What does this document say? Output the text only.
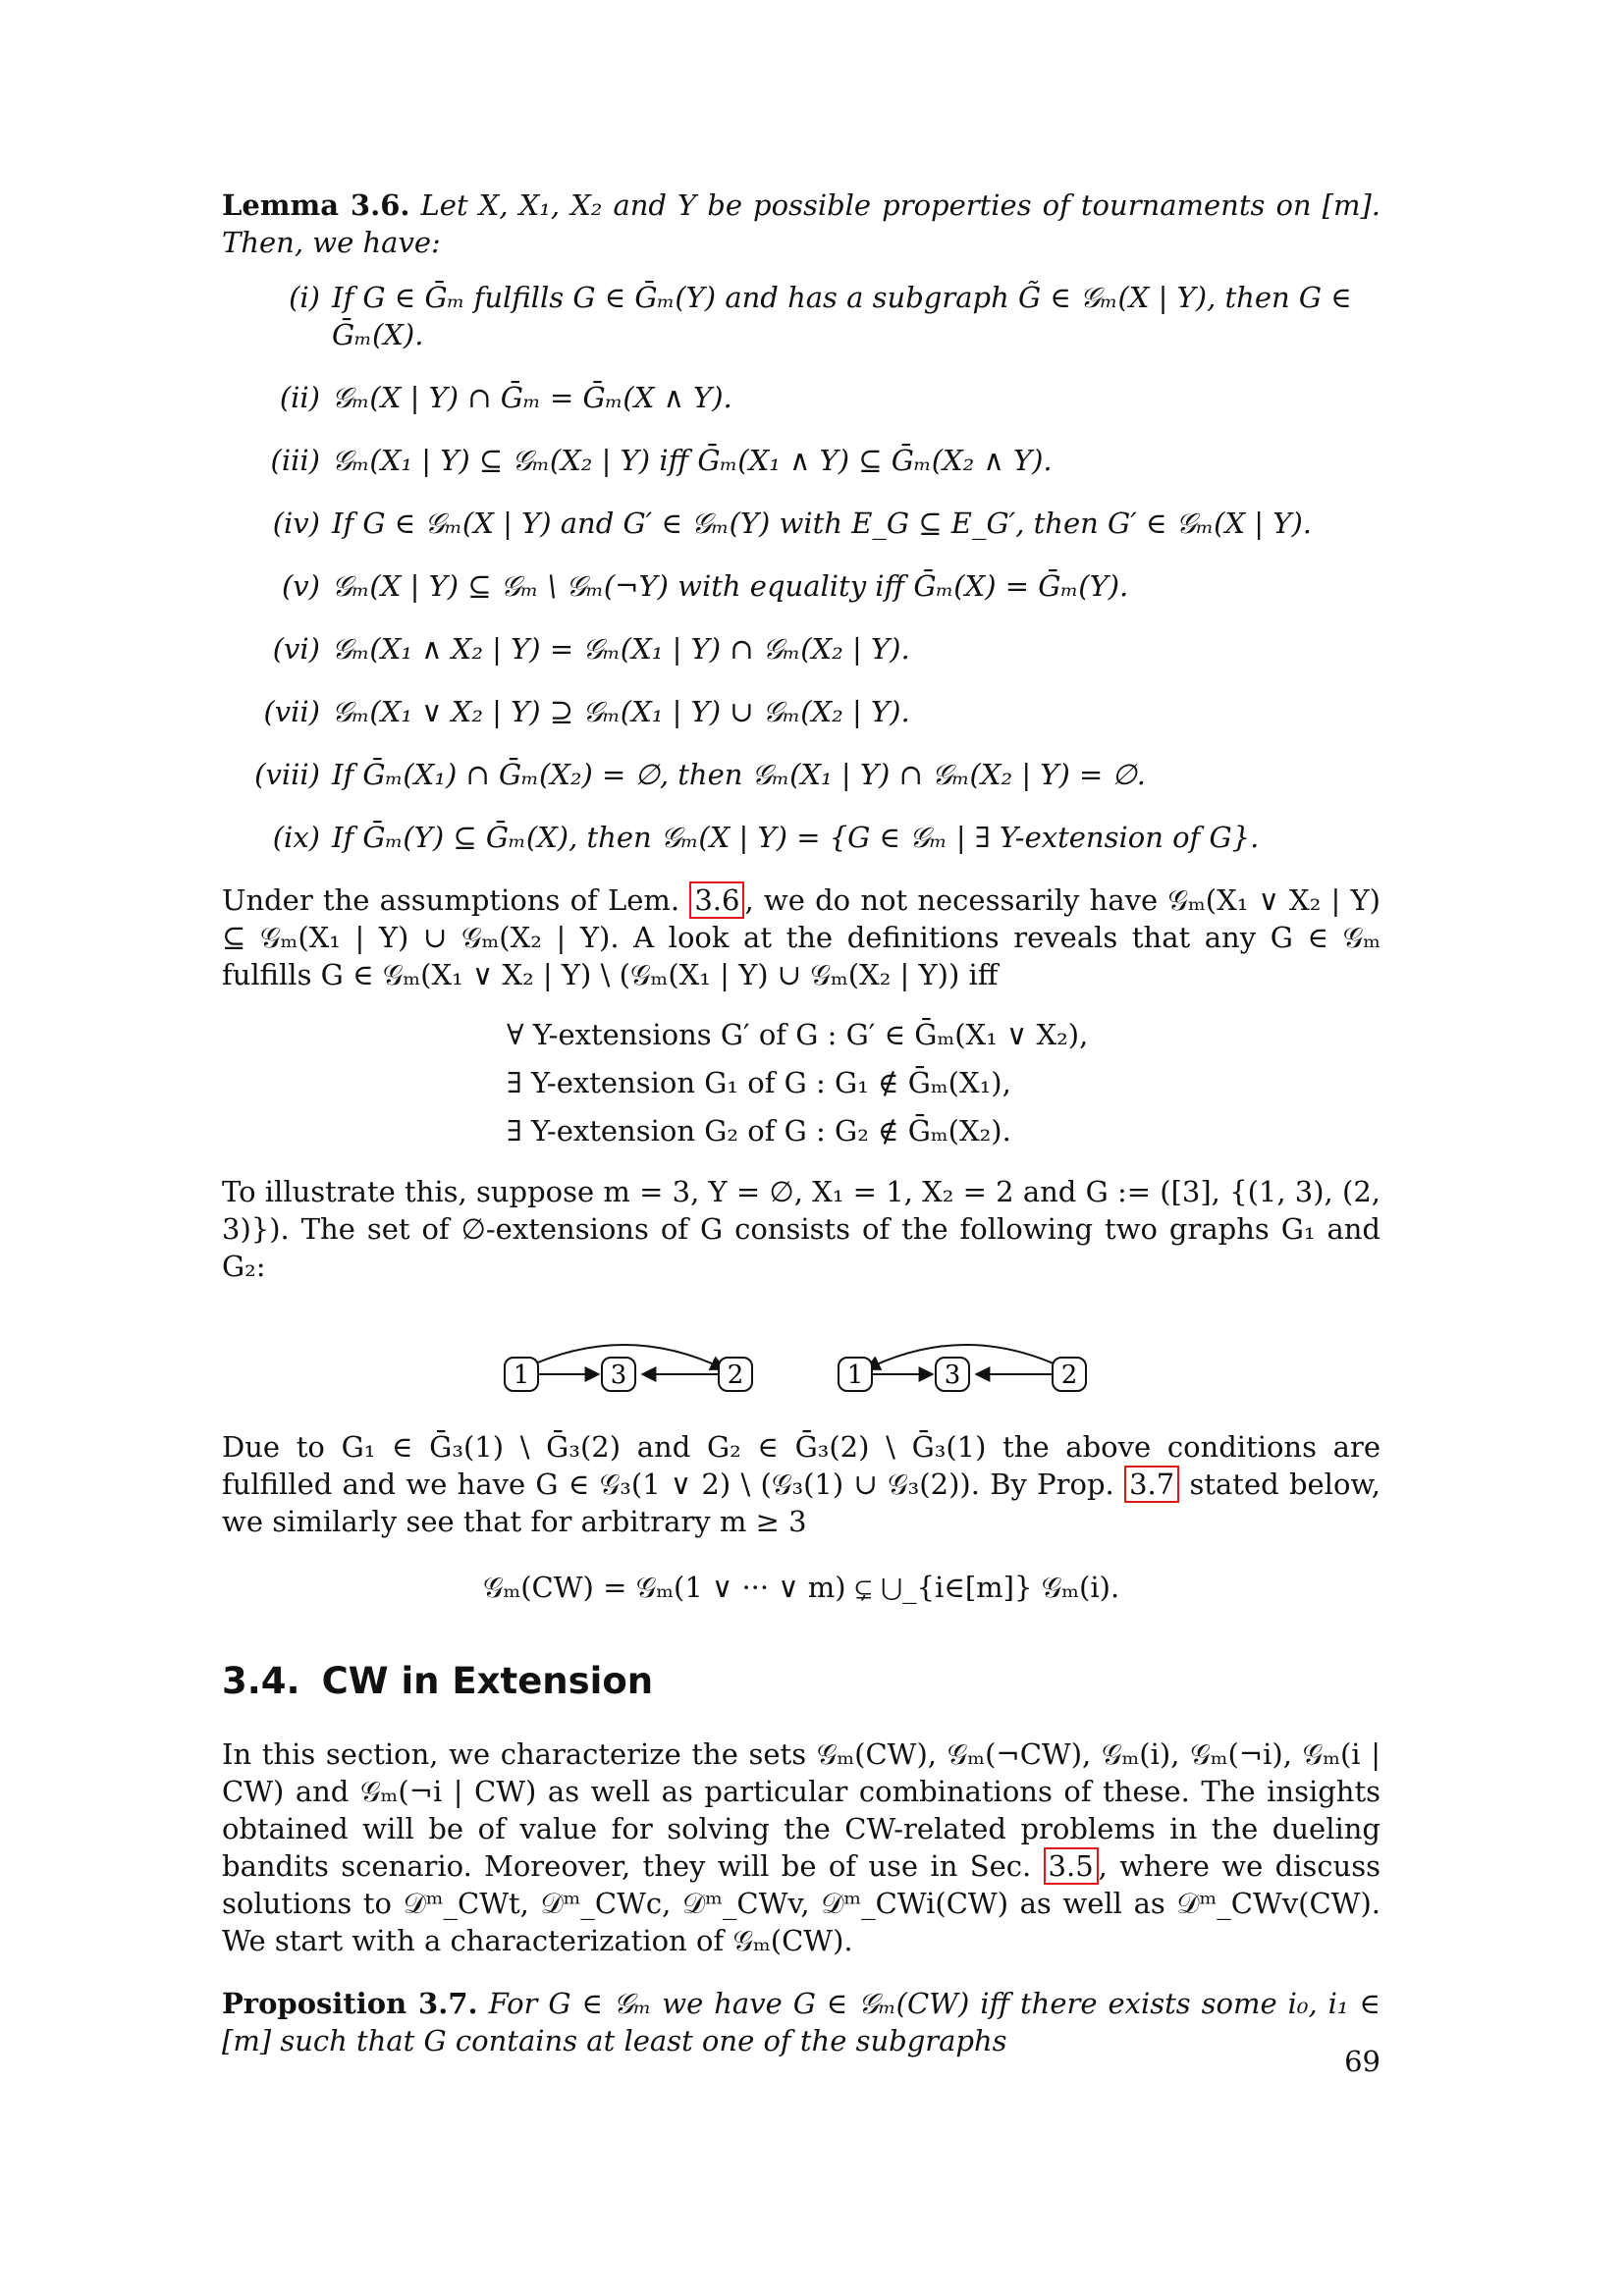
Lemma 3.6. Let X, X₁, X₂ and Y be possible properties of tournaments on [m]. Then, we have:

(i) If G ∈ Ḡₘ fulfills G ∈ Ḡₘ(Y) and has a subgraph G̃ ∈ 𝒢ₘ(X | Y), then G ∈ Ḡₘ(X).
(ii) 𝒢ₘ(X | Y) ∩ Ḡₘ = Ḡₘ(X ∧ Y).
(iii) 𝒢ₘ(X₁ | Y) ⊆ 𝒢ₘ(X₂ | Y) iff Ḡₘ(X₁ ∧ Y) ⊆ Ḡₘ(X₂ ∧ Y).
(iv) If G ∈ 𝒢ₘ(X | Y) and G′ ∈ 𝒢ₘ(Y) with E_G ⊆ E_G′, then G′ ∈ 𝒢ₘ(X | Y).
(v) 𝒢ₘ(X | Y) ⊆ 𝒢ₘ \ 𝒢ₘ(¬Y) with equality iff Ḡₘ(X) = Ḡₘ(Y).
(vi) 𝒢ₘ(X₁ ∧ X₂ | Y) = 𝒢ₘ(X₁ | Y) ∩ 𝒢ₘ(X₂ | Y).
(vii) 𝒢ₘ(X₁ ∨ X₂ | Y) ⊇ 𝒢ₘ(X₁ | Y) ∪ 𝒢ₘ(X₂ | Y).
(viii) If Ḡₘ(X₁) ∩ Ḡₘ(X₂) = ∅, then 𝒢ₘ(X₁ | Y) ∩ 𝒢ₘ(X₂ | Y) = ∅.
(ix) If Ḡₘ(Y) ⊆ Ḡₘ(X), then 𝒢ₘ(X | Y) = {G ∈ 𝒢ₘ | ∃ Y-extension of G}.

Under the assumptions of Lem. 3.6 , we do not necessarily have 𝒢ₘ(X₁ ∨ X₂ | Y) ⊆ 𝒢ₘ(X₁ | Y) ∪ 𝒢ₘ(X₂ | Y). A look at the definitions reveals that any G ∈ 𝒢ₘ fulfills G ∈ 𝒢ₘ(X₁ ∨ X₂ | Y) \ (𝒢ₘ(X₁ | Y) ∪ 𝒢ₘ(X₂ | Y)) iff

∀ Y-extensions G′ of G : G′ ∈ Ḡₘ(X₁ ∨ X₂),
∃ Y-extension G₁ of G : G₁ ∉ Ḡₘ(X₁),
∃ Y-extension G₂ of G : G₂ ∉ Ḡₘ(X₂).

To illustrate this, suppose m = 3, Y = ∅, X₁ = 1, X₂ = 2 and G := ([3], {(1, 3), (2, 3)}). The set of ∅-extensions of G consists of the following two graphs G₁ and G₂:

1	3	2	1	3	2

Due to G₁ ∈ Ḡ₃(1) \ Ḡ₃(2) and G₂ ∈ Ḡ₃(2) \ Ḡ₃(1) the above conditions are fulfilled and we have G ∈ 𝒢₃(1 ∨ 2) \ (𝒢₃(1) ∪ 𝒢₃(2)). By Prop. 3.7 stated below, we similarly see that for arbitrary m ≥ 3

𝒢ₘ(CW) = 𝒢ₘ(1 ∨ ··· ∨ m) ⊊ ⋃_{i∈[m]} 𝒢ₘ(i).
3.4. CW in Extension

In this section, we characterize the sets 𝒢ₘ(CW), 𝒢ₘ(¬CW), 𝒢ₘ(i), 𝒢ₘ(¬i), 𝒢ₘ(i | CW) and 𝒢ₘ(¬i | CW) as well as particular combinations of these. The insights obtained will be of value for solving the CW-related problems in the dueling bandits scenario. Moreover, they will be of use in Sec. 3.5 , where we discuss solutions to 𝒟ᵐ_CWt, 𝒟ᵐ_CWc, 𝒟ᵐ_CWv, 𝒟ᵐ_CWi(CW) as well as 𝒟ᵐ_CWv(CW). We start with a characterization of 𝒢ₘ(CW).

Proposition 3.7. For G ∈ 𝒢ₘ we have G ∈ 𝒢ₘ(CW) iff there exists some i₀, i₁ ∈ [m] such that G contains at least one of the subgraphs

69
